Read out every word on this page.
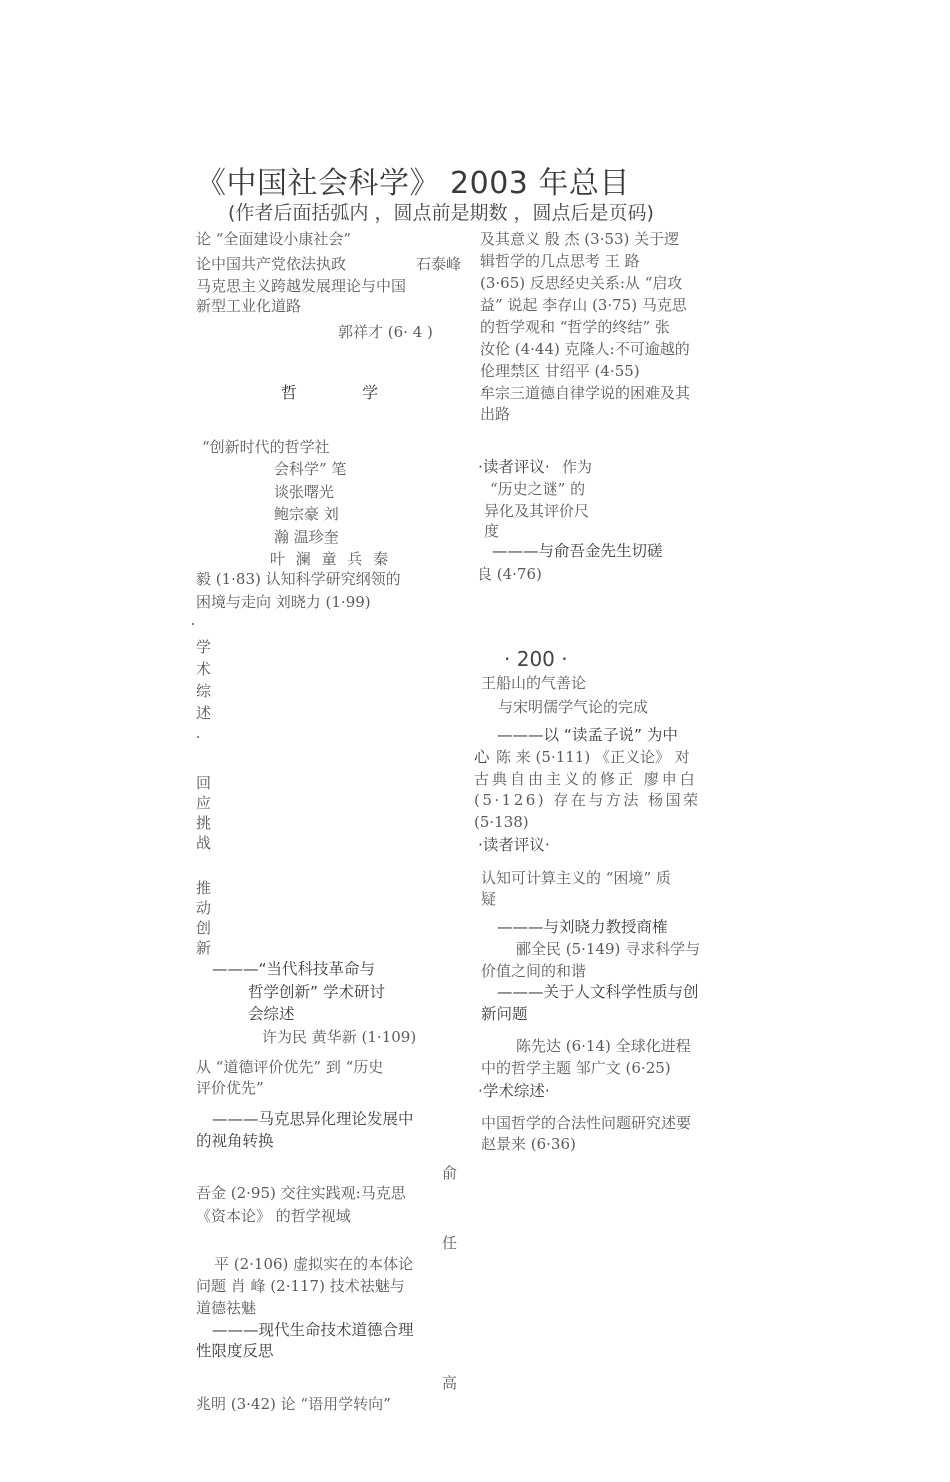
《中国社会科学》 2003 年总目
(作者后面括弧内 ，圆点前是期数 ，圆点后是页码)
论 “全面建设小康社会”
论中国共产党依法执政	石泰峰
马克思主义跨越发展理论与中国
新型工业化道路
郭祥才 (6· 4 )
哲 学
“创新时代的哲学社
会科学” 笔
谈张曙光
鲍宗豪 刘
瀚 温珍奎
叶 澜 童 兵 秦
毅 (1·83) 认知科学研究纲领的
困境与走向 刘晓力 (1·99)
学术综述
回应挑战
推动创新
———“当代科技革命与
哲学创新” 学术研讨
会综述
许为民 黄华新 (1·109)
从 “道德评价优先” 到 “历史
评价优先”
———马克思异化理论发展中
的视角转换
俞
吾金 (2·95) 交往实践观:马克思
《资本论》 的哲学视域
任
平 (2·106) 虚拟实在的本体论
问题 肖 峰 (2·117) 技术祛魅与
道德祛魅
———现代生命技术道德合理
性限度反思
高
兆明 (3·42) 论 “语用学转向”
及其意义 殷 杰 (3·53) 关于逻
辑哲学的几点思考 王 路
(3·65) 反思经史关系:从 “启攻
益” 说起 李存山 (3·75) 马克思
的哲学观和 “哲学的终结” 张
汝伦 (4·44) 克隆人:不可逾越的
伦理禁区 甘绍平 (4·55)
牟宗三道德自律学说的困难及其
出路
·读者评议· 作为
“历史之谜” 的
异化及其评价尺
度
———与俞吾金先生切磋
良 (4·76)
· 200 ·
王船山的气善论
与宋明儒学气论的完成
———以 “读孟子说” 为中
心 陈 来 (5·111) 《正义论》 对
古典自由主义的修正 廖申白
(5·126) 存在与方法 杨国荣
(5·138)
·读者评议·
认知可计算主义的 “困境” 质
疑
———与刘晓力教授商榷
郦全民 (5·149) 寻求科学与
价值之间的和谐
———关于人文科学性质与创
新问题
陈先达 (6·14) 全球化进程
中的哲学主题 邹广文 (6·25)
·学术综述·
中国哲学的合法性问题研究述要
赵景来 (6·36)
